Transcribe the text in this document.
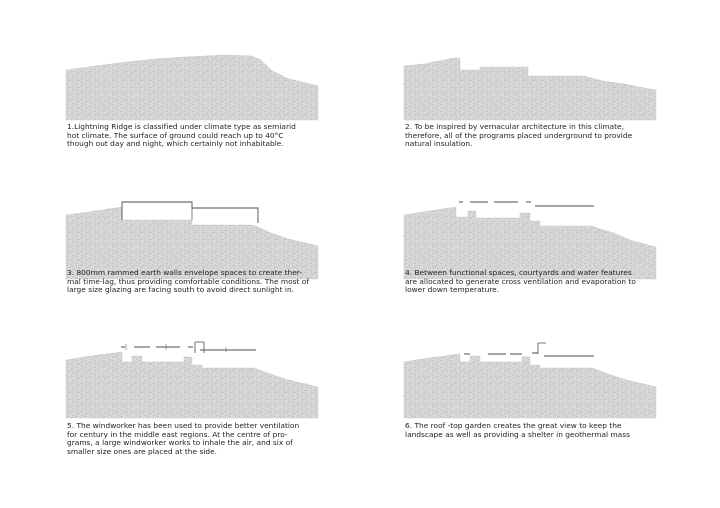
1.Lightning Ridge is classified under climate type as semiarid
hot climate. The surface of ground could reach up to 40°C
though out day and night, which certainly not inhabitable.

2. To be inspired by vernacular architecture in this climate,
therefore, all of the programs placed underground to provide
natural insulation.

3. 800mm rammed earth walls envelope spaces to create ther-
mal time-lag, thus providing comfortable conditions. The most of
large size glazing are facing south to avoid direct sunlight in.

4. Between functional spaces, courtyards and water features
are allocated to generate cross ventilation and evaporation to
lower down temperature.

5. The windworker has been used to provide better ventilation
for century in the middle east regions. At the centre of pro-
grams, a large windworker works to inhale the air, and six of
smaller size ones are placed at the side.

6. The roof -top garden creates the great view to keep the
landscape as well as providing a shelter in geothermal mass
